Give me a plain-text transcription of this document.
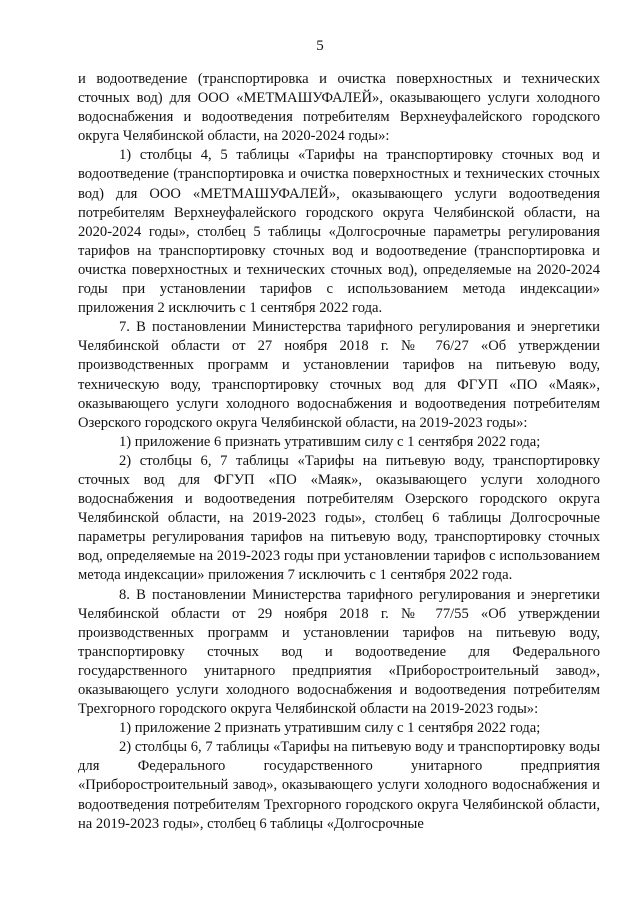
5

и водоотведение (транспортировка и очистка поверхностных и технических сточных вод) для ООО «МЕТМАШУФАЛЕЙ», оказывающего услуги холодного водоснабжения и водоотведения потребителям Верхнеуфалейского городского округа Челябинской области, на 2020-2024 годы»:

1) столбцы 4, 5 таблицы «Тарифы на транспортировку сточных вод и водоотведение (транспортировка и очистка поверхностных и технических сточных вод) для ООО «МЕТМАШУФАЛЕЙ», оказывающего услуги водоотведения потребителям Верхнеуфалейского городского округа Челябинской области, на 2020-2024 годы», столбец 5 таблицы «Долгосрочные параметры регулирования тарифов на транспортировку сточных вод и водоотведение (транспортировка и очистка поверхностных и технических сточных вод), определяемые на 2020-2024 годы при установлении тарифов с использованием метода индексации» приложения 2 исключить с 1 сентября 2022 года.

7. В постановлении Министерства тарифного регулирования и энергетики Челябинской области от 27 ноября 2018 г. № 76/27 «Об утверждении производственных программ и установлении тарифов на питьевую воду, техническую воду, транспортировку сточных вод для ФГУП «ПО «Маяк», оказывающего услуги холодного водоснабжения и водоотведения потребителям Озерского городского округа Челябинской области, на 2019-2023 годы»:

1) приложение 6 признать утратившим силу с 1 сентября 2022 года;

2) столбцы 6, 7 таблицы «Тарифы на питьевую воду, транспортировку сточных вод для ФГУП «ПО «Маяк», оказывающего услуги холодного водоснабжения и водоотведения потребителям Озерского городского округа Челябинской области, на 2019-2023 годы», столбец 6 таблицы Долгосрочные параметры регулирования тарифов на питьевую воду, транспортировку сточных вод, определяемые на 2019-2023 годы при установлении тарифов с использованием метода индексации» приложения 7 исключить с 1 сентября 2022 года.

8. В постановлении Министерства тарифного регулирования и энергетики Челябинской области от 29 ноября 2018 г. № 77/55 «Об утверждении производственных программ и установлении тарифов на питьевую воду, транспортировку сточных вод и водоотведение для Федерального государственного унитарного предприятия «Приборостроительный завод», оказывающего услуги холодного водоснабжения и водоотведения потребителям Трехгорного городского округа Челябинской области на 2019-2023 годы»:

1) приложение 2 признать утратившим силу с 1 сентября 2022 года;

2) столбцы 6, 7 таблицы «Тарифы на питьевую воду и транспортировку воды для Федерального государственного унитарного предприятия «Приборостроительный завод», оказывающего услуги холодного водоснабжения и водоотведения потребителям Трехгорного городского округа Челябинской области, на 2019-2023 годы», столбец 6 таблицы «Долгосрочные
